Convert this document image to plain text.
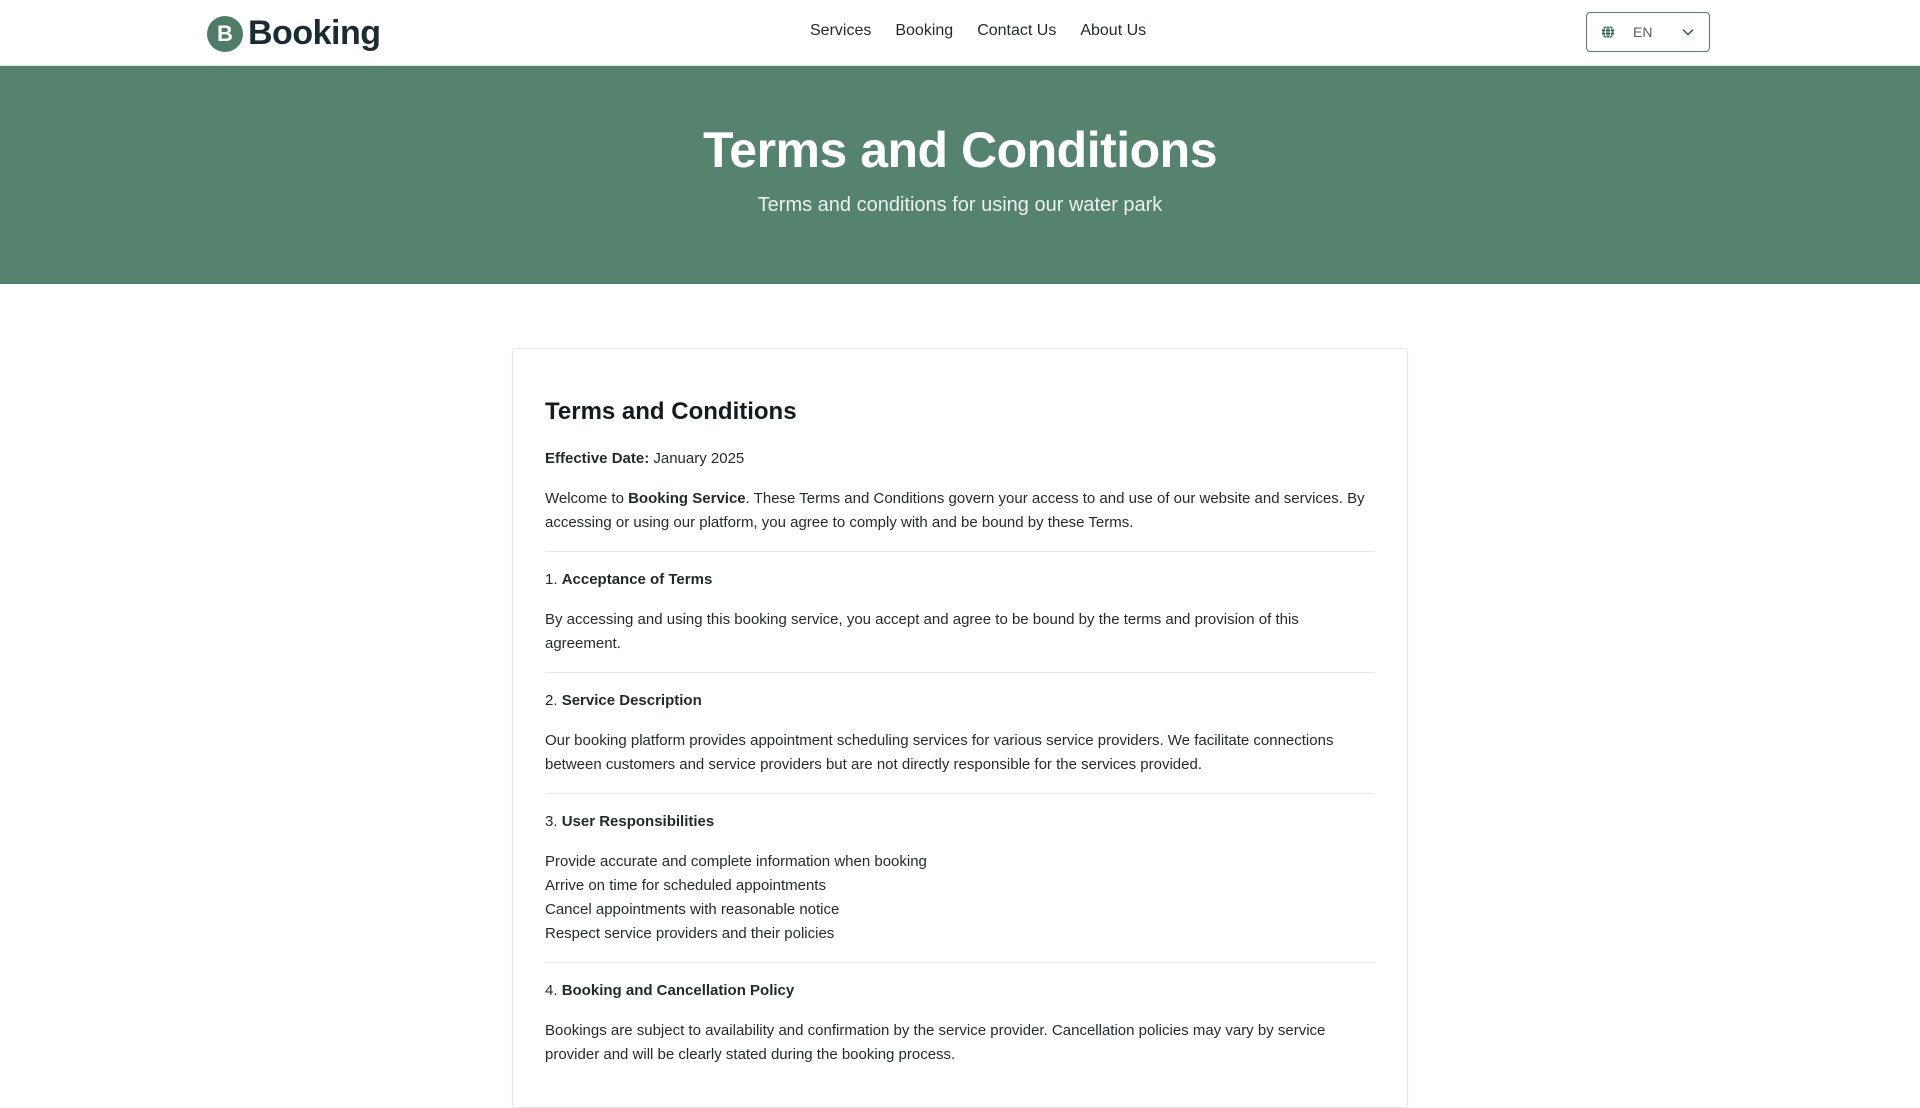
B Booking	Services Booking Contact Us About Us	EN
Terms and Conditions

Terms and conditions for using our water park

Terms and Conditions

Effective Date: January 2025

Welcome to Booking Service. These Terms and Conditions govern your access to and use of our website and services. By accessing or using our platform, you agree to comply with and be bound by these Terms.

1. Acceptance of Terms

By accessing and using this booking service, you accept and agree to be bound by the terms and provision of this agreement.

2. Service Description

Our booking platform provides appointment scheduling services for various service providers. We facilitate connections between customers and service providers but are not directly responsible for the services provided.

3. User Responsibilities

Provide accurate and complete information when booking
Arrive on time for scheduled appointments
Cancel appointments with reasonable notice
Respect service providers and their policies

4. Booking and Cancellation Policy

Bookings are subject to availability and confirmation by the service provider. Cancellation policies may vary by service provider and will be clearly stated during the booking process.
